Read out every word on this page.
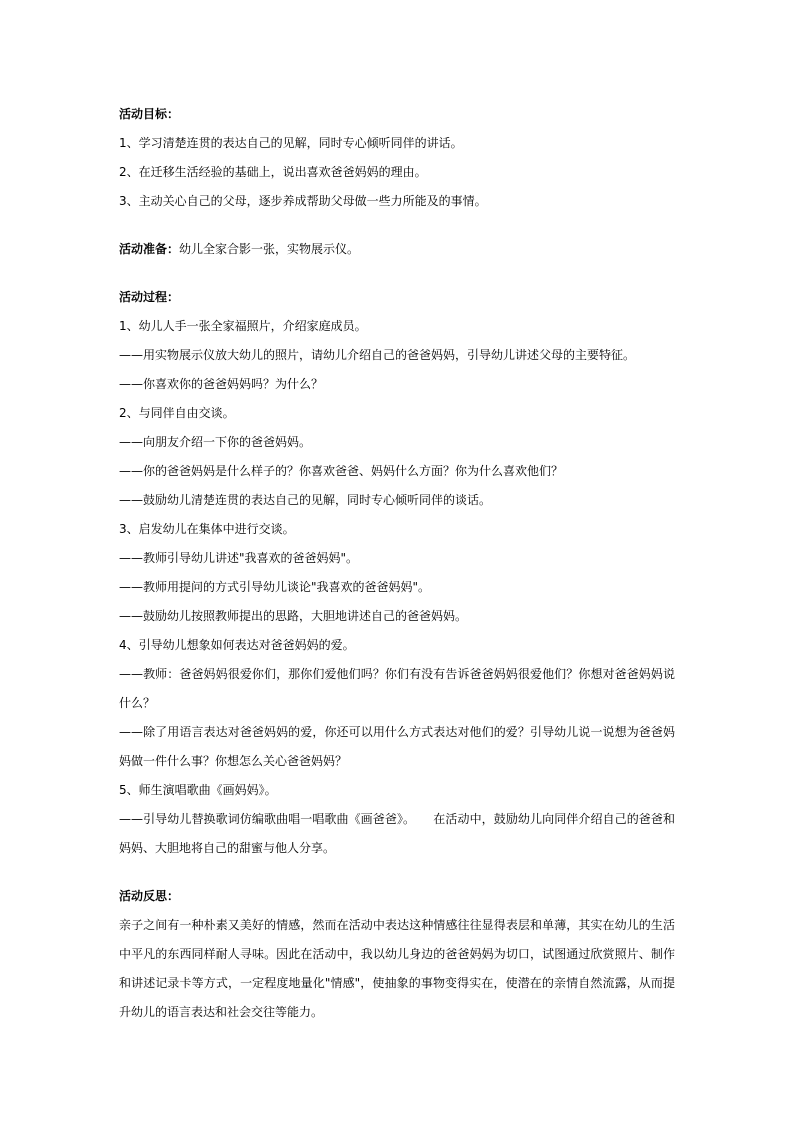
活动目标：
1、学习清楚连贯的表达自己的见解，同时专心倾听同伴的讲话。
2、在迁移生活经验的基础上，说出喜欢爸爸妈妈的理由。
3、主动关心自己的父母，逐步养成帮助父母做一些力所能及的事情。
活动准备：幼儿全家合影一张，实物展示仪。
活动过程：
1、幼儿人手一张全家福照片，介绍家庭成员。
——用实物展示仪放大幼儿的照片，请幼儿介绍自己的爸爸妈妈，引导幼儿讲述父母的主要特征。
——你喜欢你的爸爸妈妈吗？为什么？
2、与同伴自由交谈。
——向朋友介绍一下你的爸爸妈妈。
——你的爸爸妈妈是什么样子的？你喜欢爸爸、妈妈什么方面？你为什么喜欢他们？
——鼓励幼儿清楚连贯的表达自己的见解，同时专心倾听同伴的谈话。
3、启发幼儿在集体中进行交谈。
——教师引导幼儿讲述"我喜欢的爸爸妈妈"。
——教师用提问的方式引导幼儿谈论"我喜欢的爸爸妈妈"。
——鼓励幼儿按照教师提出的思路，大胆地讲述自己的爸爸妈妈。
4、引导幼儿想象如何表达对爸爸妈妈的爱。
——教师：爸爸妈妈很爱你们，那你们爱他们吗？你们有没有告诉爸爸妈妈很爱他们？你想对爸爸妈妈说什么？
——除了用语言表达对爸爸妈妈的爱，你还可以用什么方式表达对他们的爱？引导幼儿说一说想为爸爸妈妈做一件什么事？你想怎么关心爸爸妈妈？
5、师生演唱歌曲《画妈妈》。
——引导幼儿替换歌词仿编歌曲唱一唱歌曲《画爸爸》。　　在活动中，鼓励幼儿向同伴介绍自己的爸爸和妈妈、大胆地将自己的甜蜜与他人分享。
活动反思：
亲子之间有一种朴素又美好的情感，然而在活动中表达这种情感往往显得表层和单薄，其实在幼儿的生活中平凡的东西同样耐人寻味。因此在活动中，我以幼儿身边的爸爸妈妈为切口，试图通过欣赏照片、制作和讲述记录卡等方式，一定程度地量化"情感"，使抽象的事物变得实在，使潜在的亲情自然流露，从而提升幼儿的语言表达和社会交往等能力。
